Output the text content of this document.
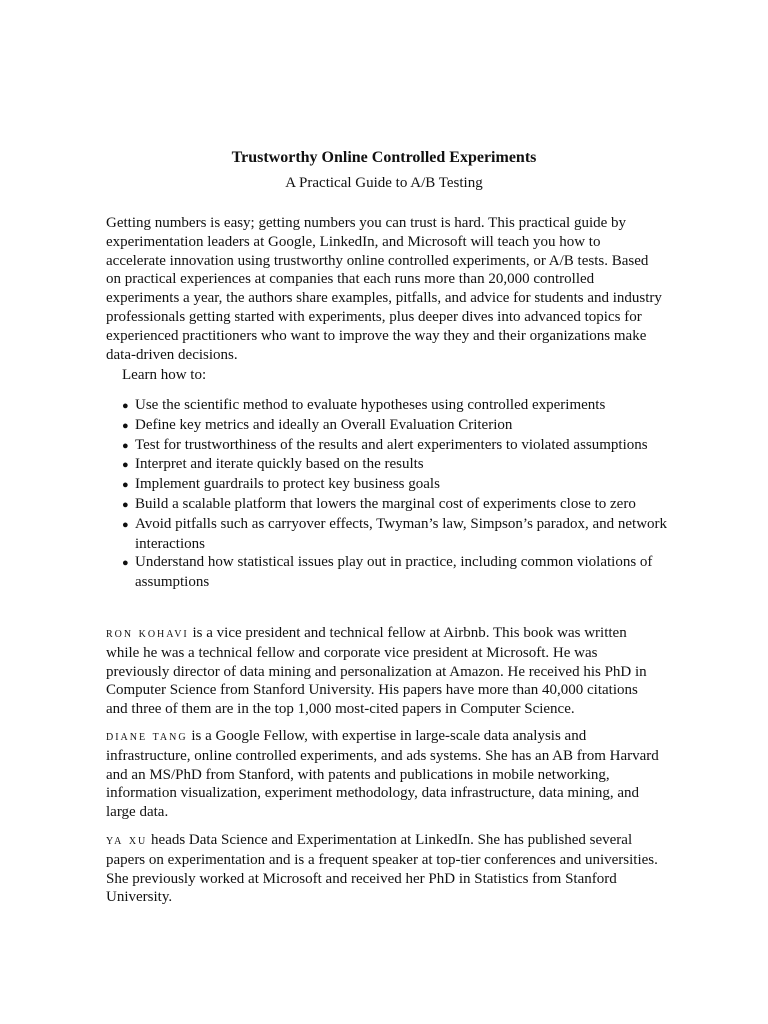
Trustworthy Online Controlled Experiments
A Practical Guide to A/B Testing
Getting numbers is easy; getting numbers you can trust is hard. This practical guide by experimentation leaders at Google, LinkedIn, and Microsoft will teach you how to accelerate innovation using trustworthy online controlled experiments, or A/B tests. Based on practical experiences at companies that each runs more than 20,000 controlled experiments a year, the authors share examples, pitfalls, and advice for students and industry professionals getting started with experiments, plus deeper dives into advanced topics for experienced practitioners who want to improve the way they and their organizations make data-driven decisions.
Learn how to:
● Use the scientific method to evaluate hypotheses using controlled experiments
● Define key metrics and ideally an Overall Evaluation Criterion
● Test for trustworthiness of the results and alert experimenters to violated assumptions
● Interpret and iterate quickly based on the results
● Implement guardrails to protect key business goals
● Build a scalable platform that lowers the marginal cost of experiments close to zero
● Avoid pitfalls such as carryover effects, Twyman’s law, Simpson’s paradox, and network interactions
● Understand how statistical issues play out in practice, including common violations of assumptions
ron kohavi is a vice president and technical fellow at Airbnb. This book was written while he was a technical fellow and corporate vice president at Microsoft. He was previously director of data mining and personalization at Amazon. He received his PhD in Computer Science from Stanford University. His papers have more than 40,000 citations and three of them are in the top 1,000 most-cited papers in Computer Science.
diane tang is a Google Fellow, with expertise in large-scale data analysis and infrastructure, online controlled experiments, and ads systems. She has an AB from Harvard and an MS/PhD from Stanford, with patents and publications in mobile networking, information visualization, experiment methodology, data infrastructure, data mining, and large data.
ya xu heads Data Science and Experimentation at LinkedIn. She has published several papers on experimentation and is a frequent speaker at top-tier conferences and universities. She previously worked at Microsoft and received her PhD in Statistics from Stanford University.
